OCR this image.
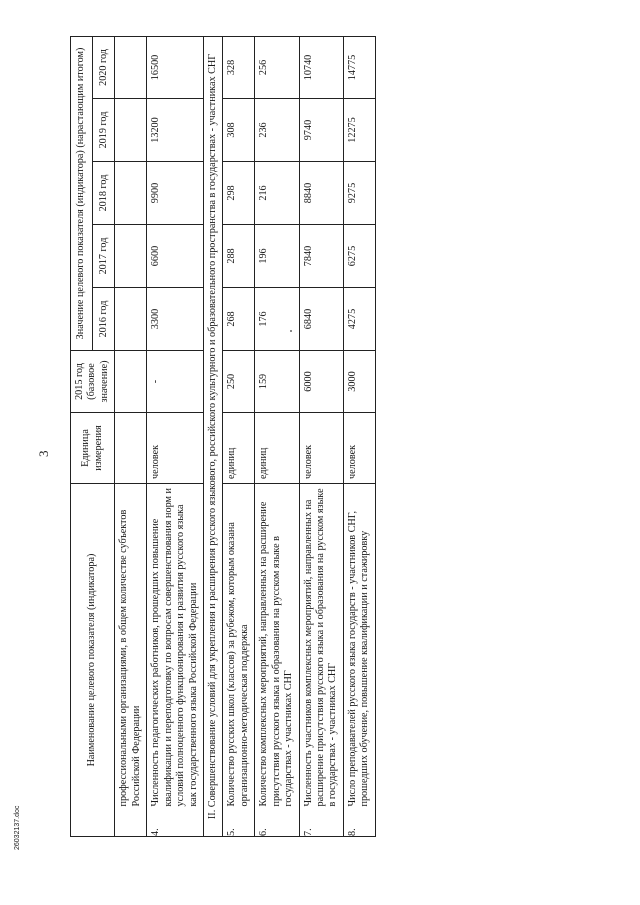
3
Наименование целевого показателя (индикатора)		Единица измерения	2015 год (базовое значение)	Значение целевого показателя (индикатора) (нарастающим итогом)				
				2016 год	2017 год	2018 год	2019 год	2020 год
	профессиональными организациями, в общем количестве субъектов Российской Федерации							
4.	Численность педагогических работников, прошедших повышение квалификации и переподготовку по вопросам совершенствования норм и условий полноценного функционирования и развития русского языка как государственного языка Российской Федерации	человек	-	3300	6600	9900	13200	16500
II. Совершенствование условий для укрепления и расширения русского языкового, российского культурного и образовательного пространства в государствах - участниках СНГ								
5.	Количество русских школ (классов) за рубежом, которым оказана организационно-методическая поддержка	единиц	250	268	288	298	308	328
6.	Количество комплексных мероприятий, направленных на расширение присутствия русского языка и образования на русском языке в государствах - участниках СНГ	единиц	159	176	196	216	236	256
7.	Численность участников комплексных мероприятий, направленных на расширение присутствия русского языка и образования на русском языке в государствах - участниках СНГ	человек	6000	6840	7840	8840	9740	10740
8.	Число преподавателей русского языка государств - участников СНГ, прошедших обучение, повышение квалификации и стажировку	человек	3000	4275	6275	9275	12275	14775
26032137.doc
